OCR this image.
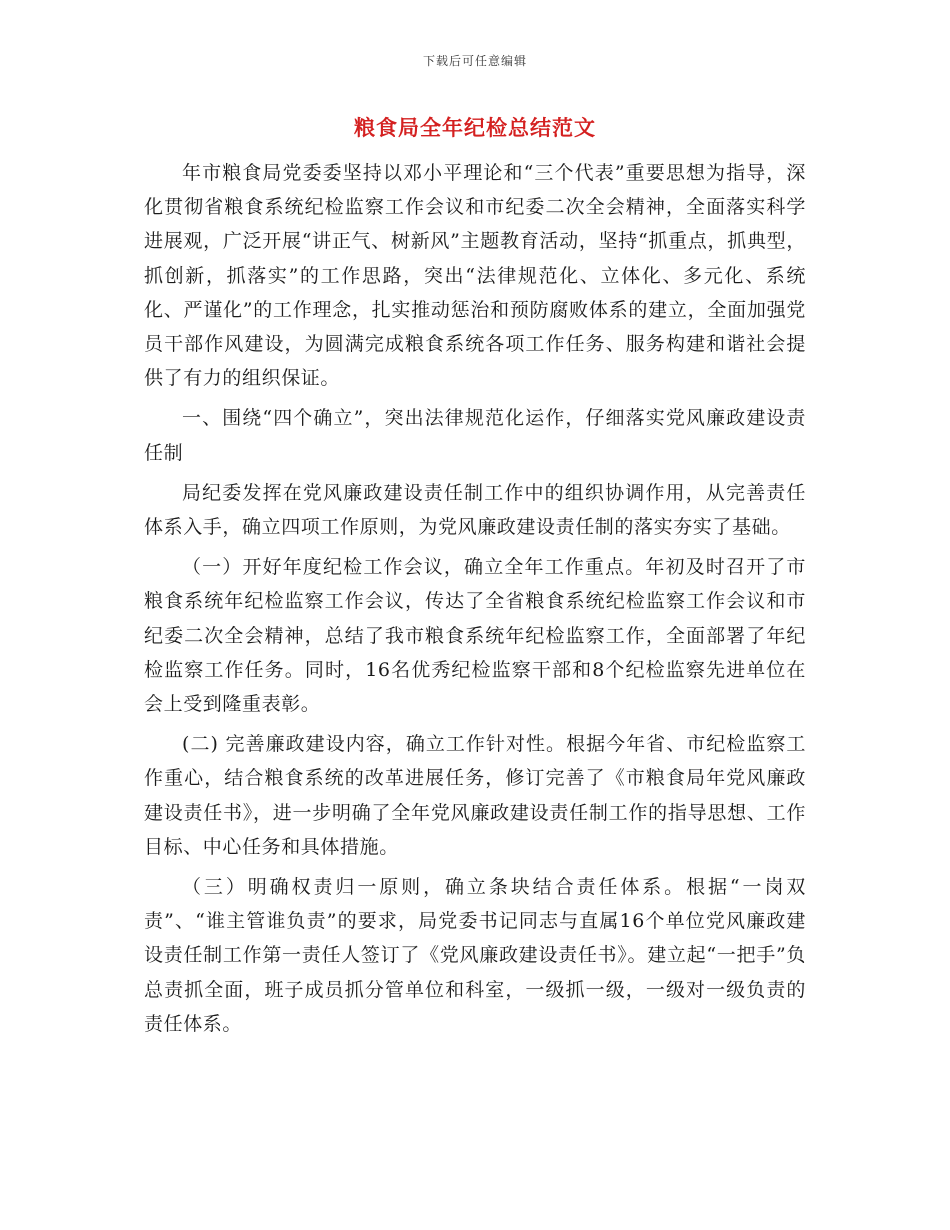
下载后可任意编辑
粮食局全年纪检总结范文

年市粮食局党委委坚持以邓小平理论和“三个代表”重要思想为指导，深化贯彻省粮食系统纪检监察工作会议和市纪委二次全会精神，全面落实科学进展观，广泛开展“讲正气、树新风”主题教育活动，坚持“抓重点，抓典型，抓创新，抓落实”的工作思路，突出“法律规范化、立体化、多元化、系统化、严谨化”的工作理念，扎实推动惩治和预防腐败体系的建立，全面加强党员干部作风建设，为圆满完成粮食系统各项工作任务、服务构建和谐社会提供了有力的组织保证。

一、围绕“四个确立”，突出法律规范化运作，仔细落实党风廉政建设责任制

局纪委发挥在党风廉政建设责任制工作中的组织协调作用，从完善责任体系入手，确立四项工作原则，为党风廉政建设责任制的落实夯实了基础。

（一）开好年度纪检工作会议，确立全年工作重点。年初及时召开了市粮食系统年纪检监察工作会议，传达了全省粮食系统纪检监察工作会议和市纪委二次全会精神，总结了我市粮食系统年纪检监察工作，全面部署了年纪检监察工作任务。同时，16名优秀纪检监察干部和8个纪检监察先进单位在会上受到隆重表彰。

(二) 完善廉政建设内容，确立工作针对性。根据今年省、市纪检监察工作重心，结合粮食系统的改革进展任务，修订完善了《市粮食局年党风廉政建设责任书》，进一步明确了全年党风廉政建设责任制工作的指导思想、工作目标、中心任务和具体措施。

（三）明确权责归一原则，确立条块结合责任体系。根据“一岗双责”、“谁主管谁负责”的要求，局党委书记同志与直属16个单位党风廉政建设责任制工作第一责任人签订了《党风廉政建设责任书》。建立起“一把手”负总责抓全面，班子成员抓分管单位和科室，一级抓一级，一级对一级负责的责任体系。
